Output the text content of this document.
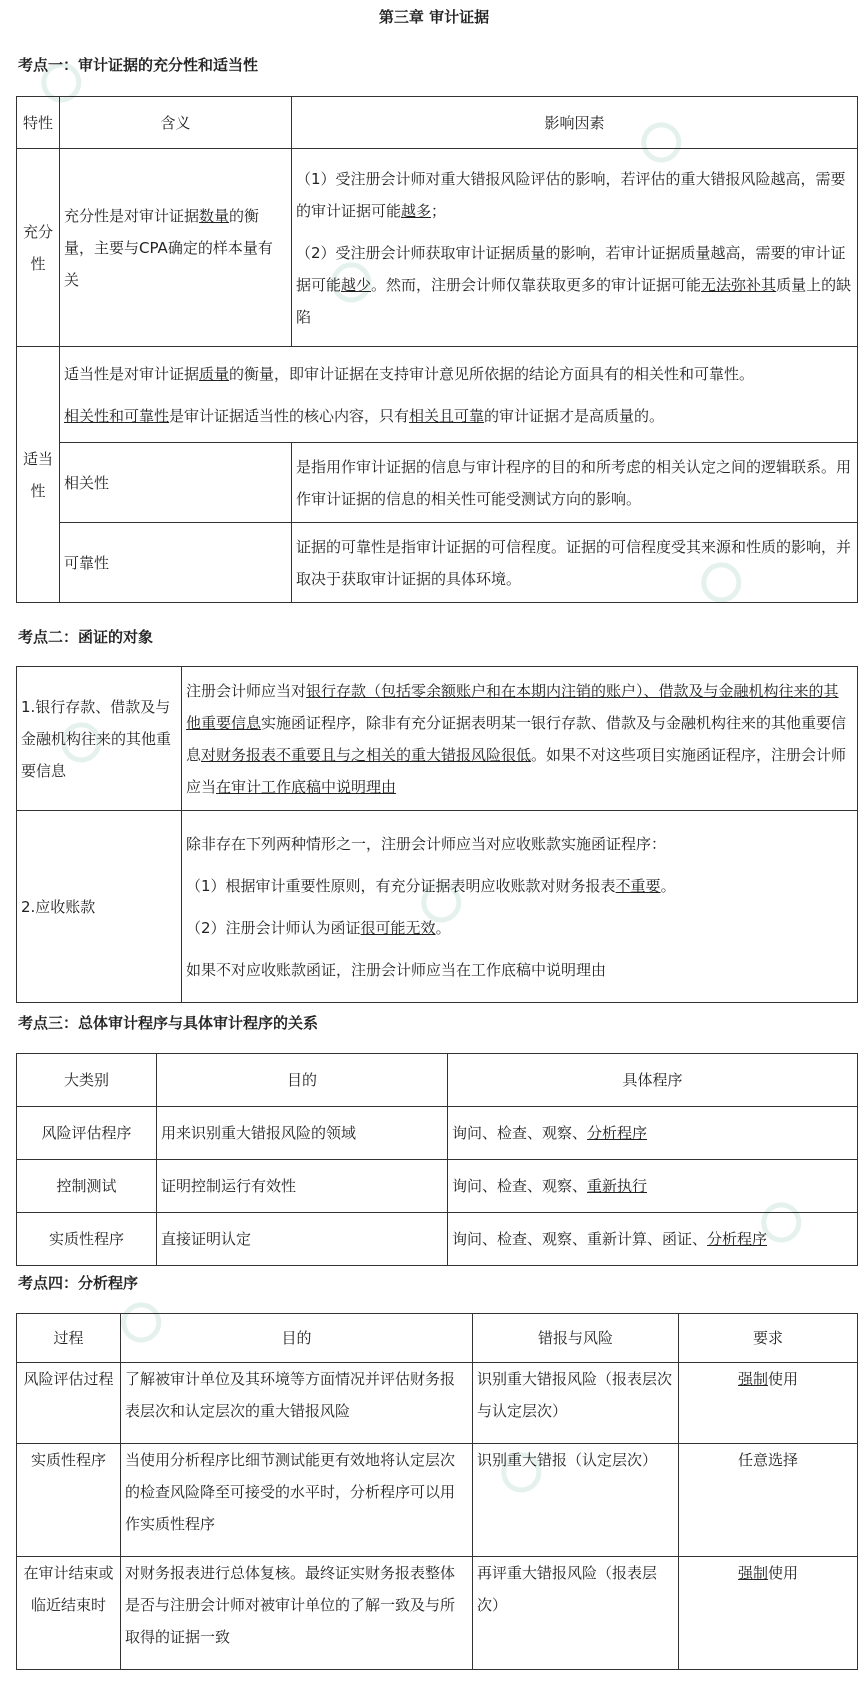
第三章 审计证据
考点一：审计证据的充分性和适当性
特性	含义	影响因素
充分性	充分性是对审计证据数量的衡量，主要与CPA确定的样本量有关	（1）受注册会计师对重大错报风险评估的影响，若评估的重大错报风险越高，需要的审计证据可能越多；

（2）受注册会计师获取审计证据质量的影响，若审计证据质量越高，需要的审计证据可能越少。然而，注册会计师仅靠获取更多的审计证据可能无法弥补其质量上的缺陷

适当性	适当性是对审计证据质量的衡量，即审计证据在支持审计意见所依据的结论方面具有的相关性和可靠性。

相关性和可靠性是审计证据适当性的核心内容，只有相关且可靠的审计证据才是高质量的。	

	相关性	是指用作审计证据的信息与审计程序的目的和所考虑的相关认定之间的逻辑联系。用作审计证据的信息的相关性可能受测试方向的影响。
	可靠性	证据的可靠性是指审计证据的可信程度。证据的可信程度受其来源和性质的影响，并取决于获取审计证据的具体环境。
考点二：函证的对象
1.银行存款、借款及与金融机构往来的其他重要信息	注册会计师应当对银行存款（包括零余额账户和在本期内注销的账户）、借款及与金融机构往来的其他重要信息实施函证程序，除非有充分证据表明某一银行存款、借款及与金融机构往来的其他重要信息对财务报表不重要且与之相关的重大错报风险很低。如果不对这些项目实施函证程序，注册会计师应当在审计工作底稿中说明理由
2.应收账款	除非存在下列两种情形之一，注册会计师应当对应收账款实施函证程序：

（1）根据审计重要性原则，有充分证据表明应收账款对财务报表不重要。

（2）注册会计师认为函证很可能无效。

如果不对应收账款函证，注册会计师应当在工作底稿中说明理由

考点三：总体审计程序与具体审计程序的关系
大类别	目的	具体程序
风险评估程序	用来识别重大错报风险的领域	询问、检查、观察、分析程序
控制测试	证明控制运行有效性	询问、检查、观察、重新执行
实质性程序	直接证明认定	询问、检查、观察、重新计算、函证、分析程序
考点四：分析程序
过程	目的	错报与风险	要求
风险评估过程	了解被审计单位及其环境等方面情况并评估财务报表层次和认定层次的重大错报风险	识别重大错报风险（报表层次与认定层次）	强制使用
实质性程序	当使用分析程序比细节测试能更有效地将认定层次的检查风险降至可接受的水平时，分析程序可以用作实质性程序	识别重大错报（认定层次）	任意选择
在审计结束或临近结束时	对财务报表进行总体复核。最终证实财务报表整体是否与注册会计师对被审计单位的了解一致及与所取得的证据一致	再评重大错报风险（报表层次）	强制使用
